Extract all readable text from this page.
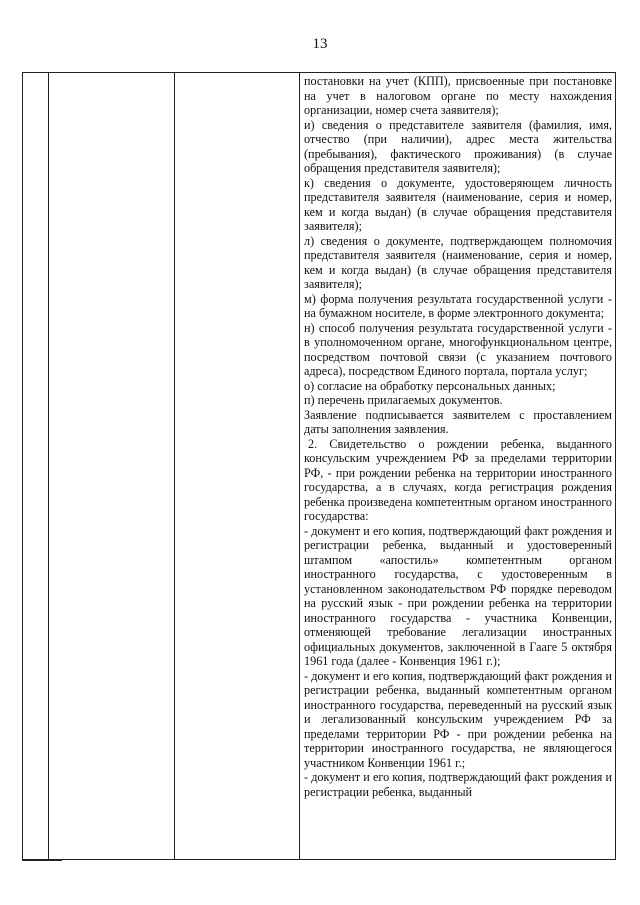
13

постановки на учет (КПП), присвоенные при постановке на учет в налоговом органе по месту нахождения организации, номер счета заявителя);

и) сведения о представителе заявителя (фамилия, имя, отчество (при наличии), адрес места жительства (пребывания), фактического проживания) (в случае обращения представителя заявителя);

к) сведения о документе, удостоверяющем личность представителя заявителя (наименование, серия и номер, кем и когда выдан) (в случае обращения представителя заявителя);

л) сведения о документе, подтверждающем полномочия представителя заявителя (наименование, серия и номер, кем и когда выдан) (в случае обращения представителя заявителя);

м) форма получения результата государственной услуги - на бумажном носителе, в форме электронного документа;

н) способ получения результата государственной услуги - в уполномоченном органе, многофункциональном центре, посредством почтовой связи (с указанием почтового адреса), посредством Единого портала, портала услуг;

о) согласие на обработку персональных данных;

п) перечень прилагаемых документов.

Заявление подписывается заявителем с проставлением даты заполнения заявления.

2. Свидетельство о рождении ребенка, выданного консульским учреждением РФ за пределами территории РФ, - при рождении ребенка на территории иностранного государства, а в случаях, когда регистрация рождения ребенка произведена компетентным органом иностранного государства:

- документ и его копия, подтверждающий факт рождения и регистрации ребенка, выданный и удостоверенный штампом «апостиль» компетентным органом иностранного государства, с удостоверенным в установленном законодательством РФ порядке переводом на русский язык - при рождении ребенка на территории иностранного государства - участника Конвенции, отменяющей требование легализации иностранных официальных документов, заключенной в Гааге 5 октября 1961 года (далее - Конвенция 1961 г.);

- документ и его копия, подтверждающий факт рождения и регистрации ребенка, выданный компетентным органом иностранного государства, переведенный на русский язык и легализованный консульским учреждением РФ за пределами территории РФ - при рождении ребенка на территории иностранного государства, не являющегося участником Конвенции 1961 г.;

- документ и его копия, подтверждающий факт рождения и регистрации ребенка, выданный
